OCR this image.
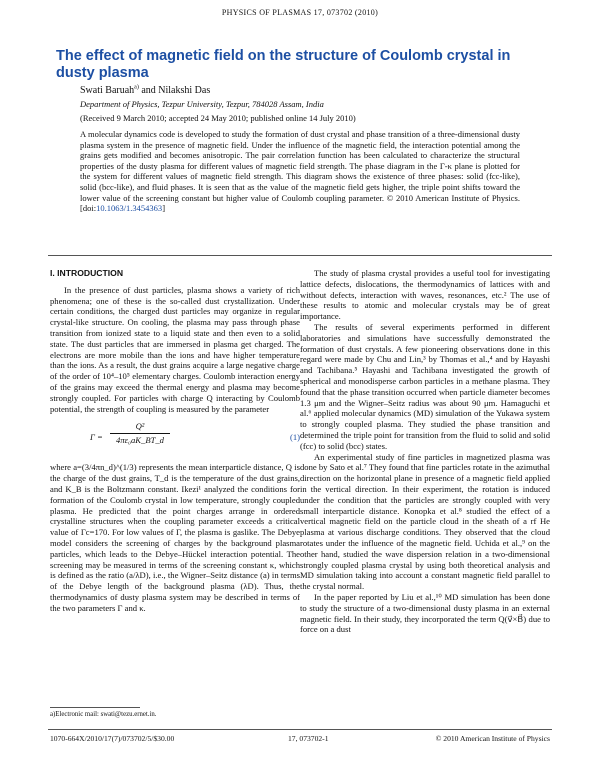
PHYSICS OF PLASMAS 17, 073702 (2010)
The effect of magnetic field on the structure of Coulomb crystal in dusty plasma
Swati Baruah$^{a)}$ and Nilakshi Das
Department of Physics, Tezpur University, Tezpur, 784028 Assam, India
(Received 9 March 2010; accepted 24 May 2010; published online 14 July 2010)

A molecular dynamics code is developed to study the formation of dust crystal and phase transition of a three-dimensional dusty plasma system in the presence of magnetic field. Under the influence of the magnetic field, the interaction potential among the grains gets modified and becomes anisotropic. The pair correlation function has been calculated to characterize the structural properties of the dusty plasma for different values of magnetic field strength. The phase diagram in the Γ-κ plane is plotted for the system for different values of magnetic field strength. This diagram shows the existence of three phases: solid (fcc-like), solid (bcc-like), and fluid phases. It is seen that as the value of the magnetic field gets higher, the triple point shifts toward the lower value of the screening constant but higher value of Coulomb coupling parameter. © 2010 American Institute of Physics. [doi:10.1063/1.3454363]

I. INTRODUCTION

In the presence of dust particles, plasma shows a variety of rich phenomena; one of these is the so-called dust crystallization. Under certain conditions, the charged dust particles may organize in regular crystal-like structure. On cooling, the plasma may pass through phase transition from ionized state to a liquid state and then even to a solid state. The dust particles that are immersed in plasma get charged. The electrons are more mobile than the ions and have higher temperature than the ions. As a result, the dust grains acquire a large negative charge of the order of 10⁴–10⁵ elementary charges. Coulomb interaction energy of the grains may exceed the thermal energy and plasma may become strongly coupled. For particles with charge Q interacting by Coulomb potential, the strength of coupling is measured by the parameter

$\Gamma = \frac{\text{Q²}}{\text{4πε₀aK\_BT\_d}}$	(1)

where a=(3/4πn_d)^(1/3) represents the mean interparticle distance, Q is the charge of the dust grains, T_d is the temperature of the dust grains, and K_B is the Boltzmann constant. Ikezi¹ analyzed the conditions for formation of the Coulomb crystal in low temperature, strongly coupled plasma. He predicted that the point charges arrange in ordered crystalline structures when the coupling parameter exceeds a critical value of Γc=170. For low values of Γ, the plasma is gaslike. The Debye model considers the screening of charges by the background plasma particles, which leads to the Debye–Hückel interaction potential. The screening may be measured in terms of the screening constant κ, which is defined as the ratio (a/λD), i.e., the Wigner–Seitz distance (a) in terms of the Debye length of the background plasma (λD). Thus, the thermodynamics of dusty plasma system may be described in terms of the two parameters Γ and κ.

The study of plasma crystal provides a useful tool for investigating lattice defects, dislocations, the thermodynamics of lattices with and without defects, interaction with waves, resonances, etc.² The use of these results to atomic and molecular crystals may be of great importance.

The results of several experiments performed in different laboratories and simulations have successfully demonstrated the formation of dust crystals. A few pioneering observations done in this regard were made by Chu and Lin,³ by Thomas et al.,⁴ and by Hayashi and Tachibana.⁵ Hayashi and Tachibana investigated the growth of spherical and monodisperse carbon particles in a methane plasma. They found that the phase transition occurred when particle diameter becomes 1.3 μm and the Wigner–Seitz radius was about 90 μm. Hamaguchi et al.⁶ applied molecular dynamics (MD) simulation of the Yukawa system to strongly coupled plasma. They studied the phase transition and determined the triple point for transition from the fluid to solid and solid (fcc) to solid (bcc) states.

An experimental study of fine particles in magnetized plasma was done by Sato et al.⁷ They found that fine particles rotate in the azimuthal direction on the horizontal plane in presence of a magnetic field applied in the vertical direction. In their experiment, the rotation is induced under the condition that the particles are strongly coupled with very small interparticle distance. Konopka et al.⁸ studied the effect of a vertical magnetic field on the particle cloud in the sheath of a rf He plasma at various discharge conditions. They observed that the cloud rotates under the influence of the magnetic field. Uchida et al.,⁹ on the other hand, studied the wave dispersion relation in a two-dimensional strongly coupled plasma crystal by using both theoretical analysis and MD simulation taking into account a constant magnetic field parallel to the crystal normal.

In the paper reported by Liu et al.,¹⁰ MD simulation has been done to study the structure of a two-dimensional dusty plasma in an external magnetic field. In their study, they incorporated the term Q(v⃗×B⃗) due to force on a dust

a)Electronic mail: swati@tezu.ernet.in.
1070-664X/2010/17(7)/073702/5/$30.00	17, 073702-1	© 2010 American Institute of Physics
